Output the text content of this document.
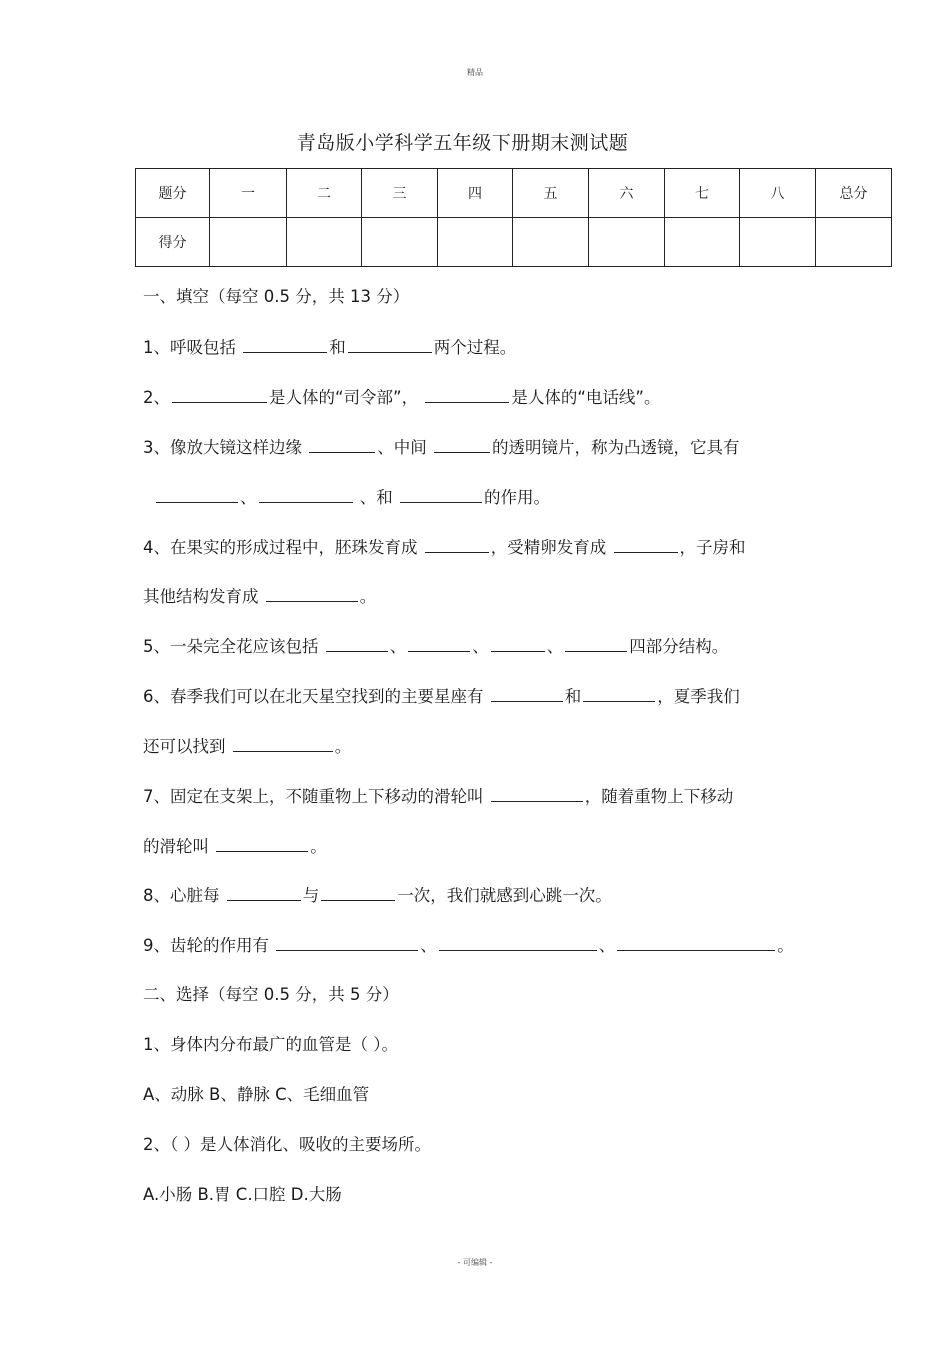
精品
青岛版小学科学五年级下册期末测试题
题分	一	二	三	四	五	六	七	八	总分
得分									
一、填空（每空 0.5 分，共 13 分）
1、呼吸包括	和	两个过程。
2、	是人体的“司令部”，	是人体的“电话线”。
3、像放大镜这样边缘	、中间	的透明镜片，称为凸透镜，它具有
、	、和	的作用。
4、在果实的形成过程中，胚珠发育成	，受精卵发育成	，子房和
其他结构发育成	。
5、一朵完全花应该包括	、	、	、	四部分结构。
6、春季我们可以在北天星空找到的主要星座有	和	，夏季我们
还可以找到	。
7、固定在支架上，不随重物上下移动的滑轮叫	，随着重物上下移动
的滑轮叫	。
8、心脏每	与	一次，我们就感到心跳一次。
9、齿轮的作用有	、	、	。
二、选择（每空 0.5 分，共 5 分）
1、身体内分布最广的血管是（ ）。
A、动脉 B、静脉 C、毛细血管
2、（ ）是人体消化、吸收的主要场所。
A.小肠 B.胃 C.口腔 D.大肠
- 可编辑 -
